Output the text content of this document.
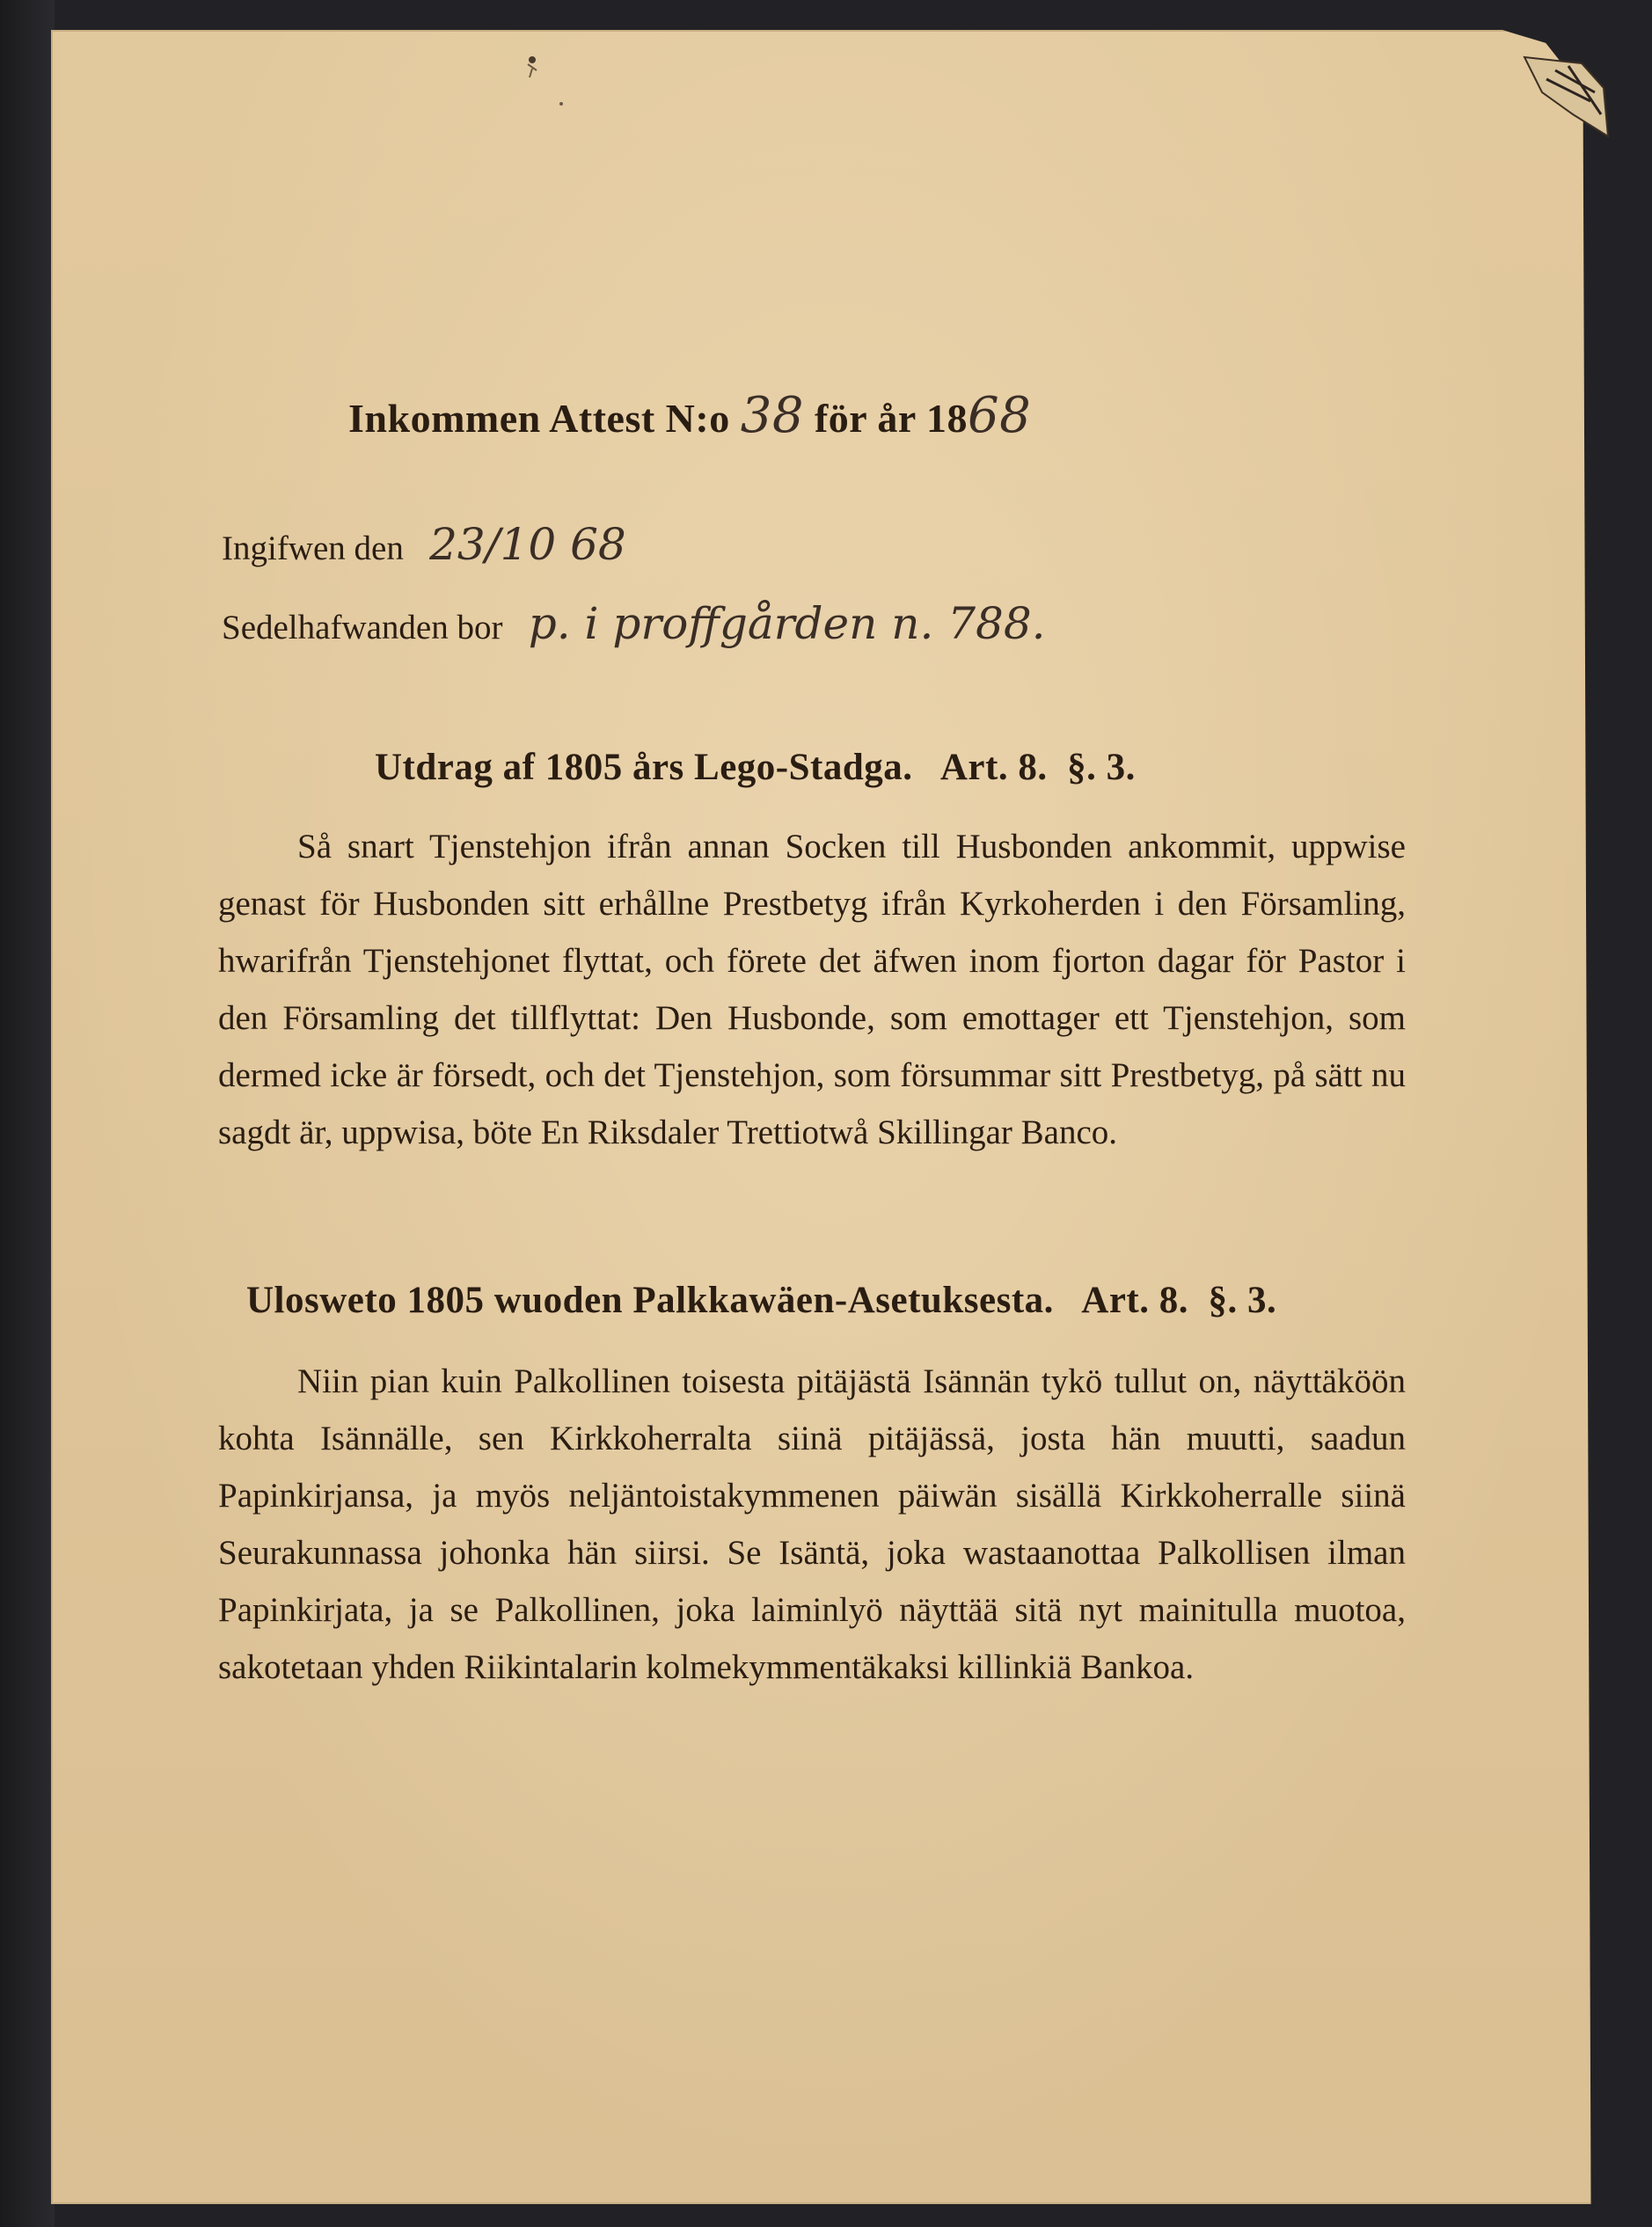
Inkommen Attest N:o 38 för år 1868
Ingifwen den 23/10 68
Sedelhafwanden bor p. i proffgården n. 788.
Utdrag af 1805 års Lego-Stadga.   Art. 8.  §. 3.
Så snart Tjenstehjon ifrån annan Socken till Husbonden ankommit, uppwise genast för Husbonden sitt erhållne Prestbetyg ifrån Kyrkoherden i den Församling, hwarifrån Tjenstehjonet flyttat, och förete det äfwen inom fjorton dagar för Pastor i den Församling det tillflyttat: Den Husbonde, som emottager ett Tjenstehjon, som dermed icke är försedt, och det Tjenstehjon, som försummar sitt Prestbetyg, på sätt nu sagdt är, uppwisa, böte En Riksdaler Trettiotwå Skillingar Banco.
Ulosweto 1805 wuoden Palkkawäen-Asetuksesta.   Art. 8.  §. 3.
Niin pian kuin Palkollinen toisesta pitäjästä Isännän tykö tullut on, näyttäköön kohta Isännälle, sen Kirkkoherralta siinä pitäjässä, josta hän muutti, saadun Papinkirjansa, ja myös neljäntoistakymmenen päiwän sisällä Kirkkoherralle siinä Seurakunnassa johonka hän siirsi. Se Isäntä, joka wastaanottaa Palkollisen ilman Papinkirjata, ja se Palkollinen, joka laiminlyö näyttää sitä nyt mainitulla muotoa, sakotetaan yhden Riikintalarin kolmekymmentäkaksi killinkiä Bankoa.
